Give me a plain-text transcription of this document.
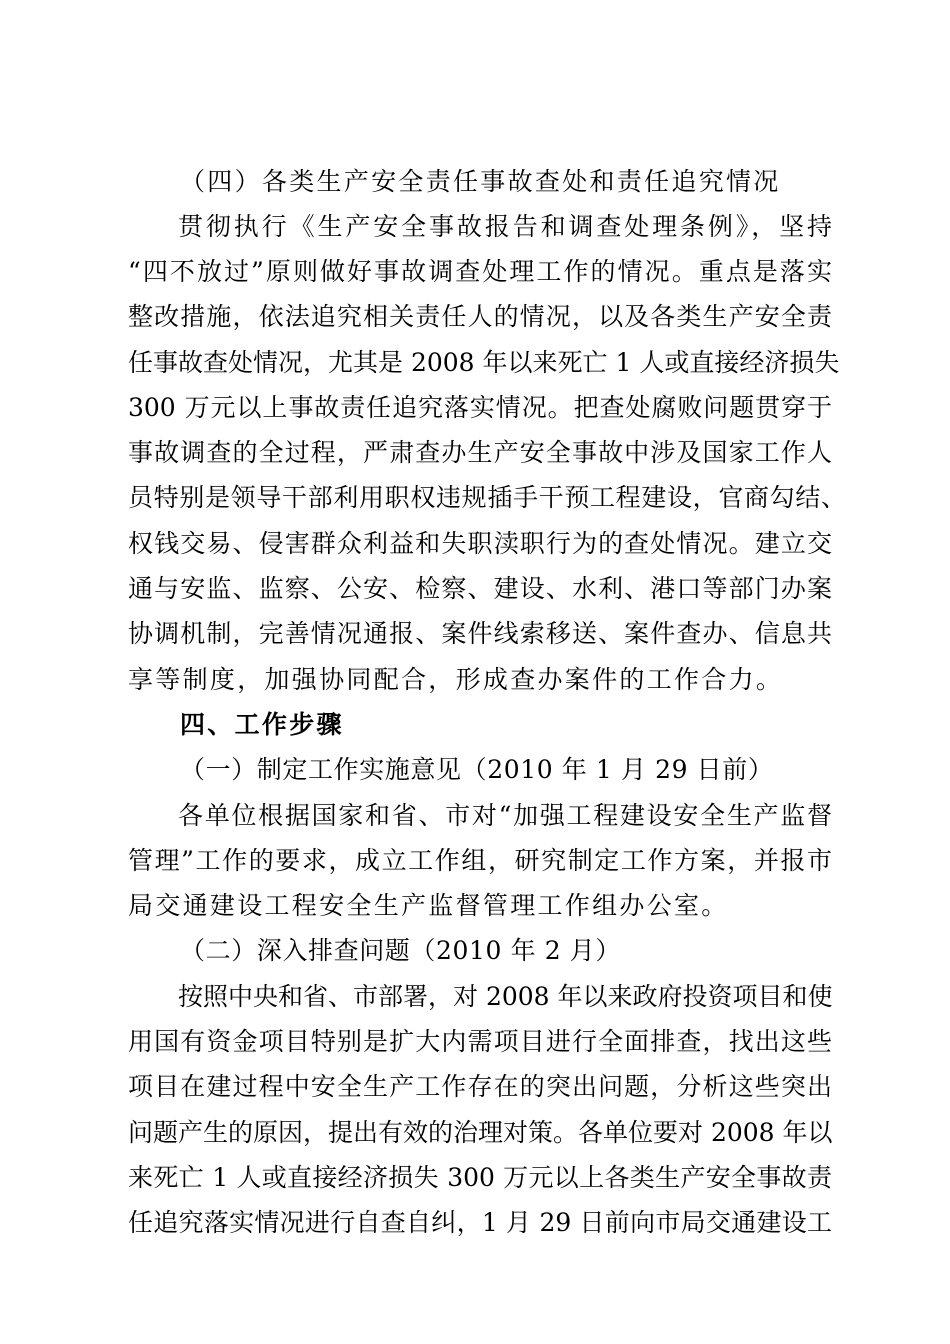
（四）各类生产安全责任事故查处和责任追究情况
贯彻执行《生产安全事故报告和调查处理条例》，坚持
“四不放过”原则做好事故调查处理工作的情况。重点是落实
整改措施，依法追究相关责任人的情况，以及各类生产安全责
任事故查处情况，尤其是 2008 年以来死亡 1 人或直接经济损失
300 万元以上事故责任追究落实情况。把查处腐败问题贯穿于
事故调查的全过程，严肃查办生产安全事故中涉及国家工作人
员特别是领导干部利用职权违规插手干预工程建设，官商勾结、
权钱交易、侵害群众利益和失职渎职行为的查处情况。建立交
通与安监、监察、公安、检察、建设、水利、港口等部门办案
协调机制，完善情况通报、案件线索移送、案件查办、信息共
享等制度，加强协同配合，形成查办案件的工作合力。
四、工作步骤
（一）制定工作实施意见（2010 年 1 月 29 日前）
各单位根据国家和省、市对“加强工程建设安全生产监督
管理”工作的要求，成立工作组，研究制定工作方案，并报市
局交通建设工程安全生产监督管理工作组办公室。
（二）深入排查问题（2010 年 2 月）
按照中央和省、市部署，对 2008 年以来政府投资项目和使
用国有资金项目特别是扩大内需项目进行全面排查，找出这些
项目在建过程中安全生产工作存在的突出问题，分析这些突出
问题产生的原因，提出有效的治理对策。各单位要对 2008 年以
来死亡 1 人或直接经济损失 300 万元以上各类生产安全事故责
任追究落实情况进行自查自纠，1 月 29 日前向市局交通建设工
